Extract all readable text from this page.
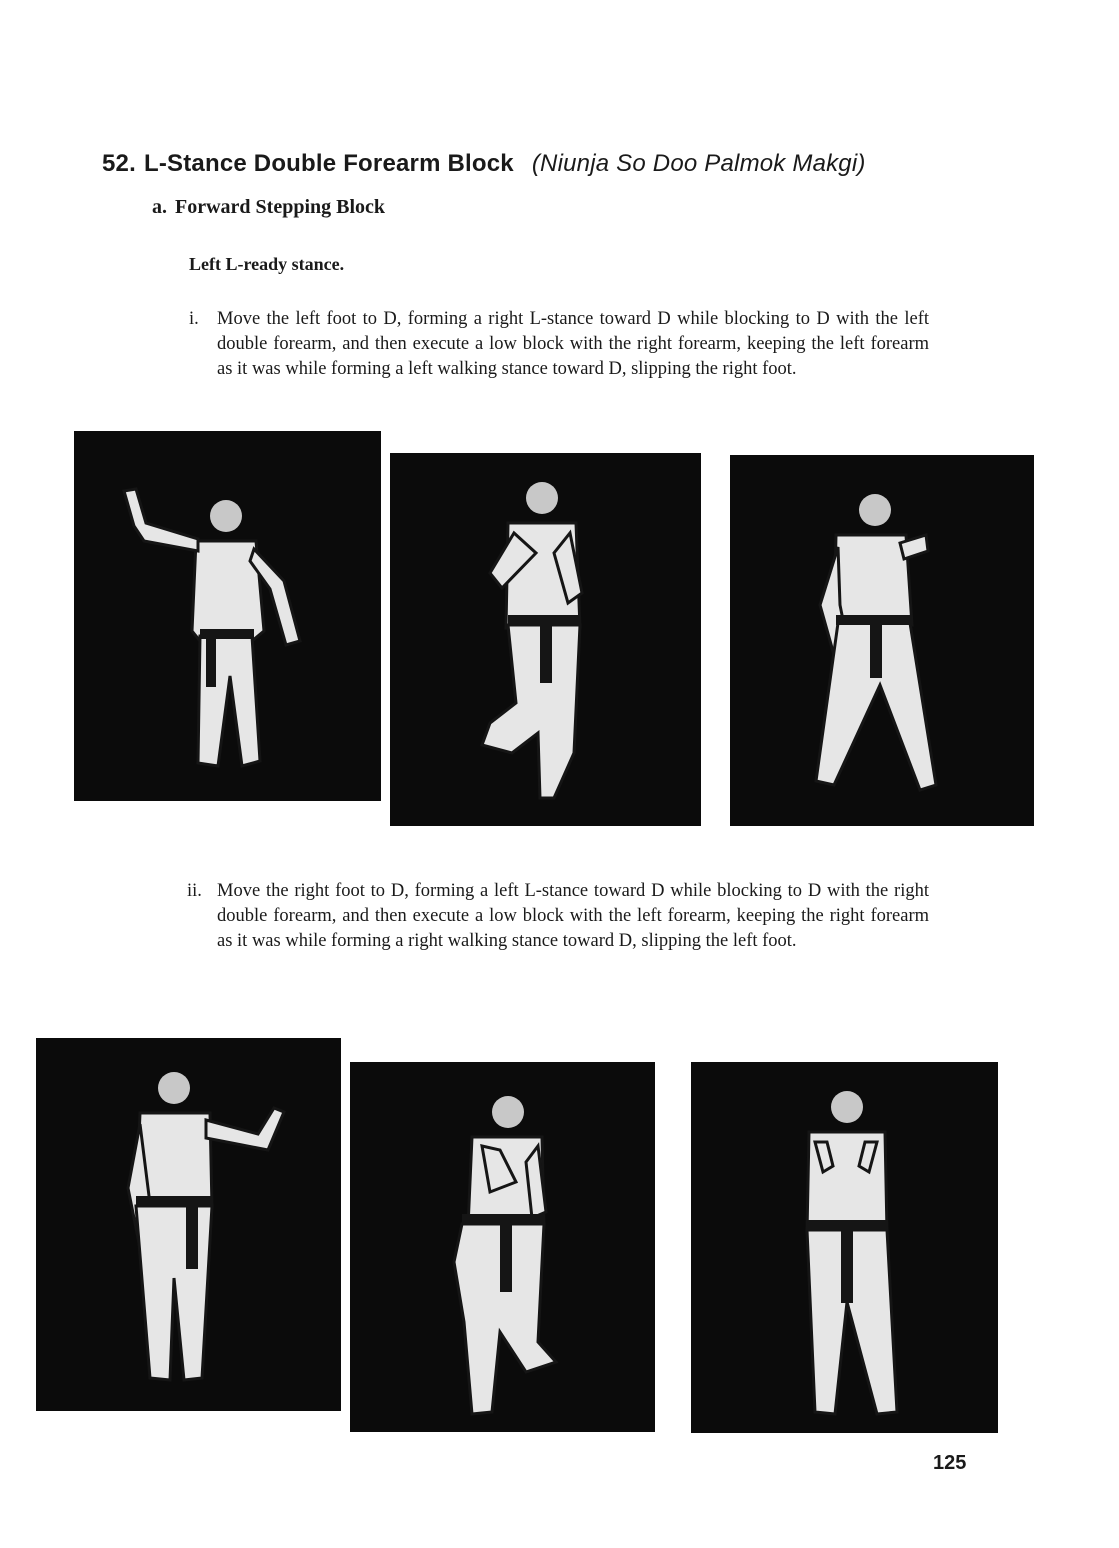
52. L-Stance Double Forearm Block (Niunja So Doo Palmok Makgi)
a. Forward Stepping Block
Left L-ready stance.
i. Move the left foot to D, forming a right L-stance toward D while blocking to D with the left double forearm, and then execute a low block with the right forearm, keeping the left forearm as it was while forming a left walking stance toward D, slipping the right foot.
ii. Move the right foot to D, forming a left L-stance toward D while blocking to D with the right double forearm, and then execute a low block with the left forearm, keeping the right forearm as it was while forming a right walking stance toward D, slipping the left foot.
125
